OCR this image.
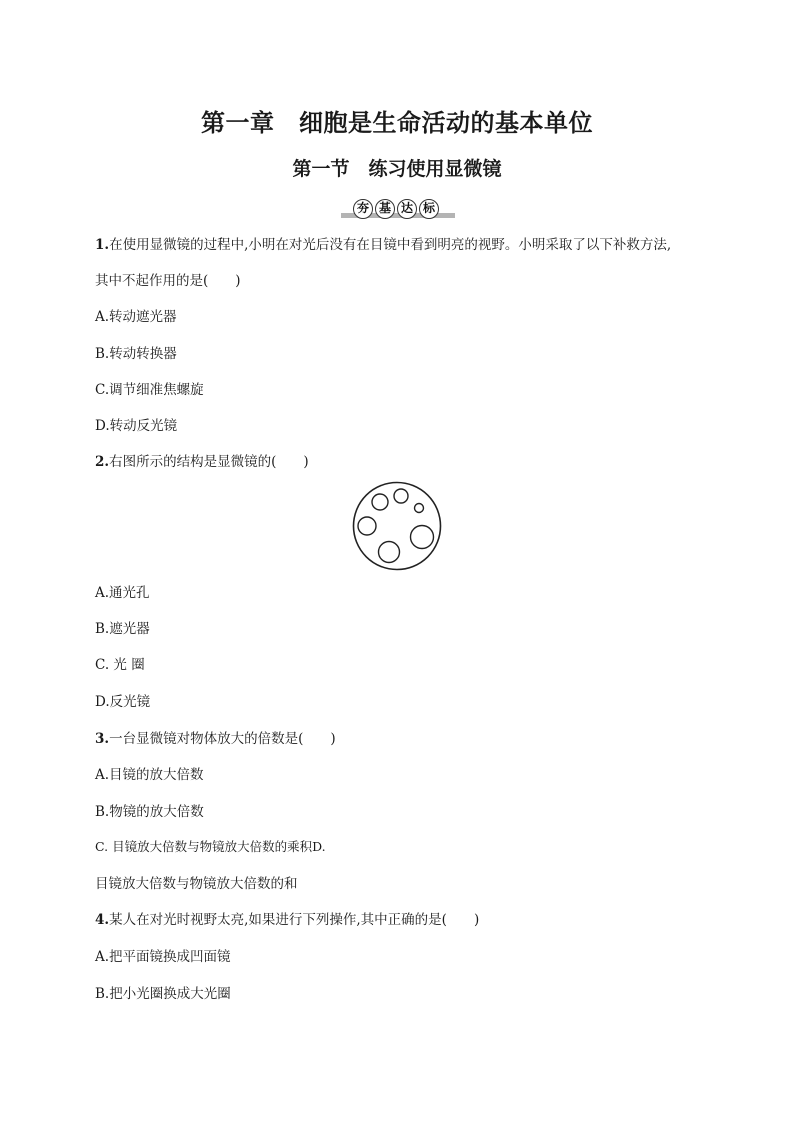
第一章　细胞是生命活动的基本单位
第一节　练习使用显微镜
夯 基 达 标
1.在使用显微镜的过程中,小明在对光后没有在目镜中看到明亮的视野。小明采取了以下补救方法,
其中不起作用的是(　　)
A.转动遮光器
B.转动转换器
C.调节细准焦螺旋
D.转动反光镜
2.右图所示的结构是显微镜的(　　)
A.通光孔
B.遮光器
C. 光 圈
D.反光镜
3.一台显微镜对物体放大的倍数是(　　)
A.目镜的放大倍数
B.物镜的放大倍数
C. 目镜放大倍数与物镜放大倍数的乘积D.
目镜放大倍数与物镜放大倍数的和
4.某人在对光时视野太亮,如果进行下列操作,其中正确的是(　　)
A.把平面镜换成凹面镜
B.把小光圈换成大光圈
